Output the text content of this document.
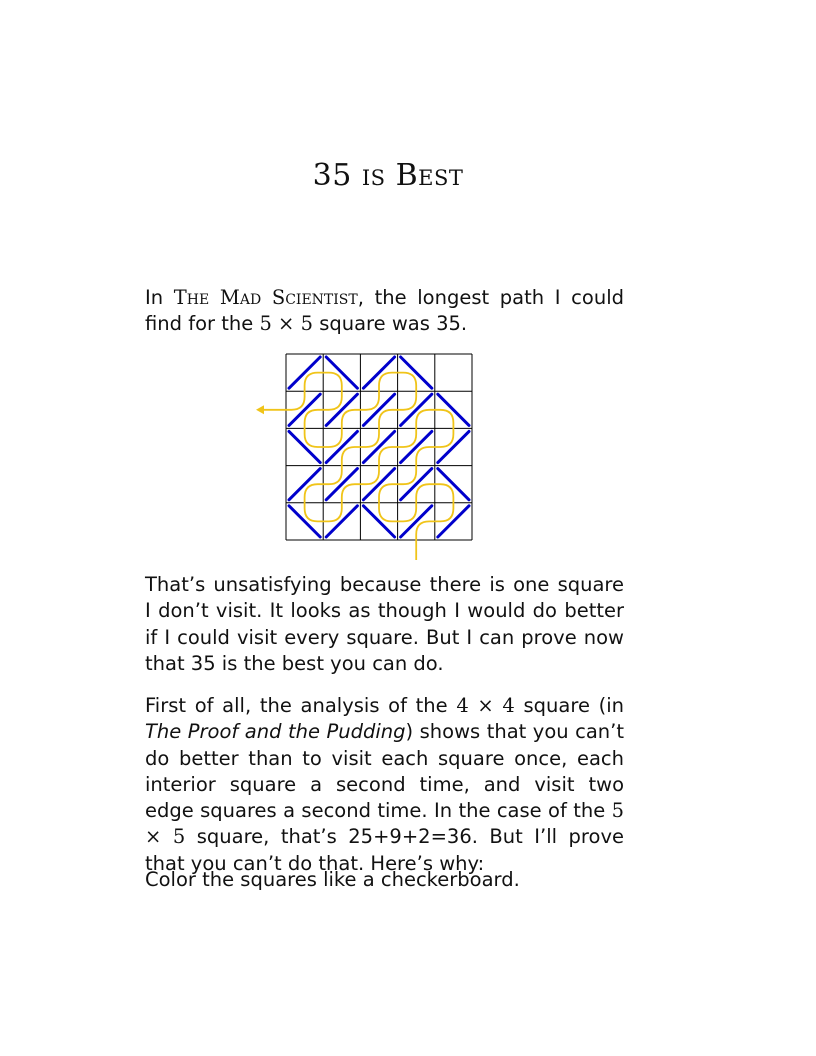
35 is Best

In The Mad Scientist, the longest path I could find for the 5 × 5 square was 35.

That’s unsatisfying because there is one square I don’t visit. It looks as though I would do better if I could visit every square. But I can prove now that 35 is the best you can do.

First of all, the analysis of the 4 × 4 square (in The Proof and the Pudding) shows that you can’t do better than to visit each square once, each interior square a second time, and visit two edge squares a second time. In the case of the 5 × 5 square, that’s 25+9+2=36. But I’ll prove that you can’t do that. Here’s why:

Color the squares like a checkerboard.
